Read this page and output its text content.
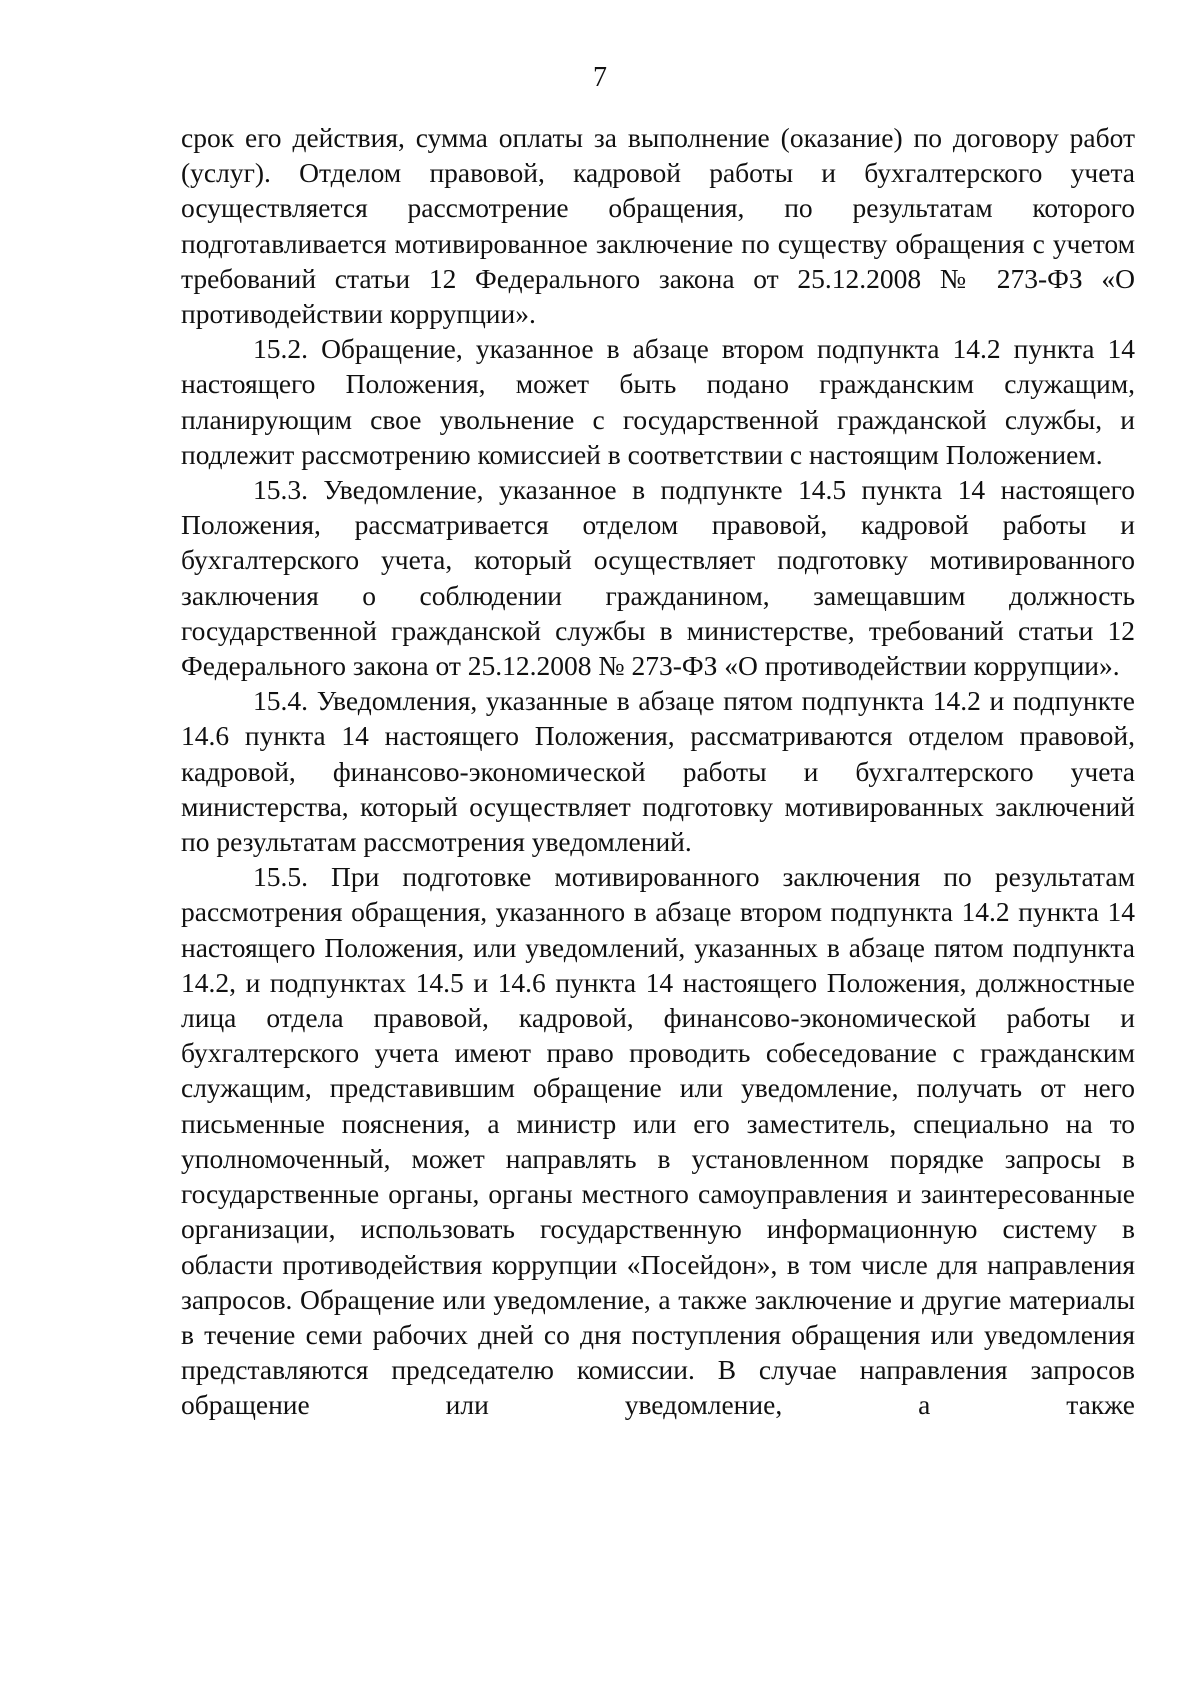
7

срок его действия, сумма оплаты за выполнение (оказание) по договору работ (услуг). Отделом правовой, кадровой работы и бухгалтерского учета осуществляется рассмотрение обращения, по результатам которого подготавливается мотивированное заключение по существу обращения с учетом требований статьи 12 Федерального закона от 25.12.2008 № 273-ФЗ «О противодействии коррупции».

15.2. Обращение, указанное в абзаце втором подпункта 14.2 пункта 14 настоящего Положения, может быть подано гражданским служащим, планирующим свое увольнение с государственной гражданской службы, и подлежит рассмотрению комиссией в соответствии с настоящим Положением.

15.3. Уведомление, указанное в подпункте 14.5 пункта 14 настоящего Положения, рассматривается отделом правовой, кадровой работы и бухгалтерского учета, который осуществляет подготовку мотивированного заключения о соблюдении гражданином, замещавшим должность государственной гражданской службы в министерстве, требований статьи 12 Федерального закона от 25.12.2008 № 273-ФЗ «О противодействии коррупции».

15.4. Уведомления, указанные в абзаце пятом подпункта 14.2 и подпункте 14.6 пункта 14 настоящего Положения, рассматриваются отделом правовой, кадровой, финансово-экономической работы и бухгалтерского учета министерства, который осуществляет подготовку мотивированных заключений по результатам рассмотрения уведомлений.

15.5. При подготовке мотивированного заключения по результатам рассмотрения обращения, указанного в абзаце втором подпункта 14.2 пункта 14 настоящего Положения, или уведомлений, указанных в абзаце пятом подпункта 14.2, и подпунктах 14.5 и 14.6 пункта 14 настоящего Положения, должностные лица отдела правовой, кадровой, финансово-экономической работы и бухгалтерского учета имеют право проводить собеседование с гражданским служащим, представившим обращение или уведомление, получать от него письменные пояснения, а министр или его заместитель, специально на то уполномоченный, может направлять в установленном порядке запросы в государственные органы, органы местного самоуправления и заинтересованные организации, использовать государственную информационную систему в области противодействия коррупции «Посейдон», в том числе для направления запросов. Обращение или уведомление, а также заключение и другие материалы в течение семи рабочих дней со дня поступления обращения или уведомления представляются председателю комиссии. В случае направления запросов обращение или уведомление, а также
